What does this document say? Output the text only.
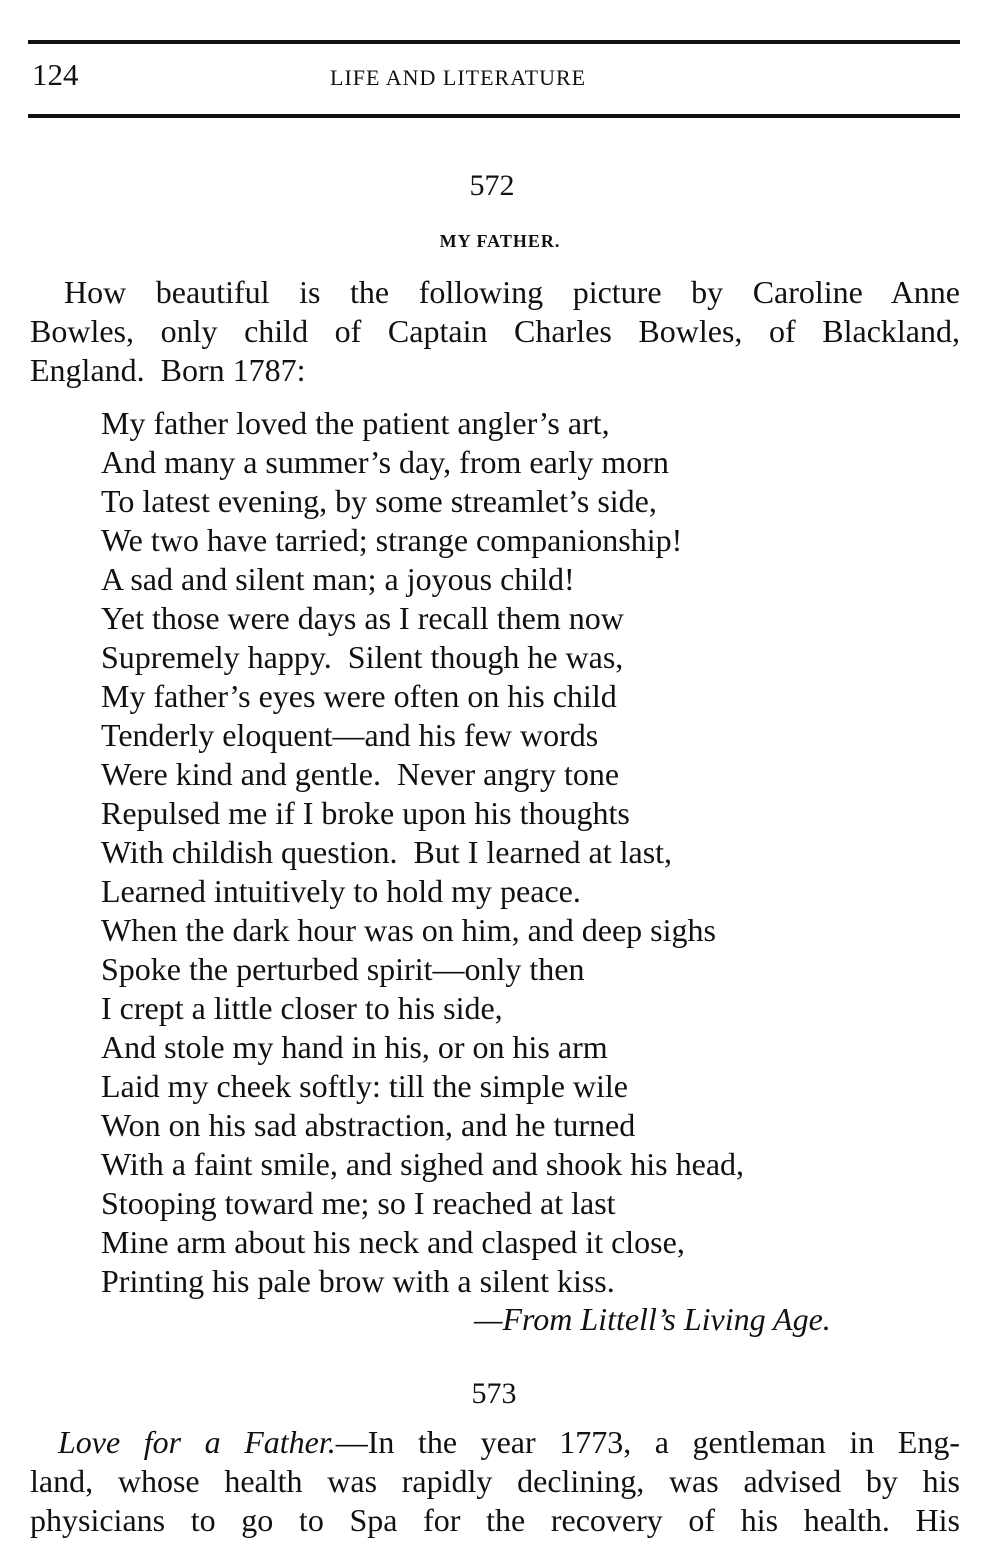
124	LIFE AND LITERATURE
572
MY FATHER.
How beautiful is the following picture by Caroline Anne
Bowles, only child of Captain Charles Bowles, of Blackland,
England.  Born 1787:
My father loved the patient angler’s art,
And many a summer’s day, from early morn
To latest evening, by some streamlet’s side,
We two have tarried; strange companionship!
A sad and silent man; a joyous child!
Yet those were days as I recall them now
Supremely happy.  Silent though he was,
My father’s eyes were often on his child
Tenderly eloquent—and his few words
Were kind and gentle.  Never angry tone
Repulsed me if I broke upon his thoughts
With childish question.  But I learned at last,
Learned intuitively to hold my peace.
When the dark hour was on him, and deep sighs
Spoke the perturbed spirit—only then
I crept a little closer to his side,
And stole my hand in his, or on his arm
Laid my cheek softly: till the simple wile
Won on his sad abstraction, and he turned
With a faint smile, and sighed and shook his head,
Stooping toward me; so I reached at last
Mine arm about his neck and clasped it close,
Printing his pale brow with a silent kiss.
—From Littell’s Living Age.
573
Love for a Father.—In the year 1773, a gentleman in Eng-
land, whose health was rapidly declining, was advised by his
physicians to go to Spa for the recovery of his health. His
